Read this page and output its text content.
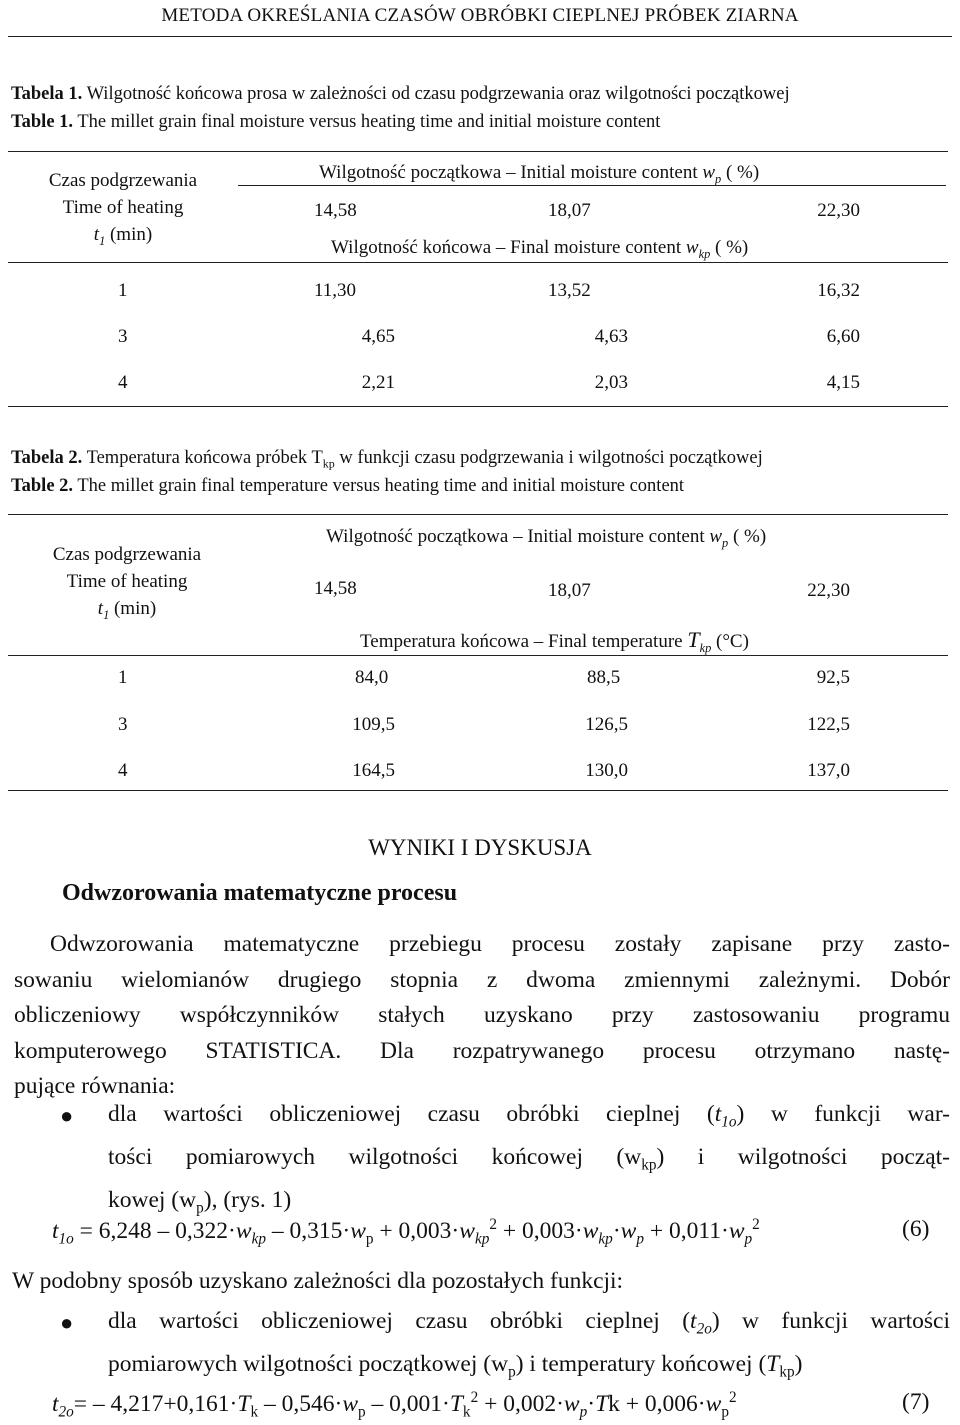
METODA OKREŚLANIA CZASÓW OBRÓBKI CIEPLNEJ PRÓBEK ZIARNA
Tabela 1. Wilgotność końcowa prosa w zależności od czasu podgrzewania oraz wilgotności początkowej
Table 1. The millet grain final moisture versus heating time and initial moisture content
Czas podgrzewania
Time of heating
$t_1$ (min)
Wilgotność początkowa – Initial moisture content $w_p$ ( %)
14,58	18,07	22,30
Wilgotność końcowa – Final moisture content $w_{kp}$ ( %)
1	11,30	13,52	16,32
3	4,65	4,63	6,60
4	2,21	2,03	4,15
Tabela 2. Temperatura końcowa próbek $T_{kp}$ w funkcji czasu podgrzewania i wilgotności początkowej
Table 2. The millet grain final temperature versus heating time and initial moisture content
Czas podgrzewania
Time of heating
$t_1$ (min)
Wilgotność początkowa – Initial moisture content $w_p$ ( %)
14,58	18,07	22,30
Temperatura końcowa – Final temperature $T_{kp}$ (°C)
1	84,0	88,5	92,5
3	109,5	126,5	122,5
4	164,5	130,0	137,0
WYNIKI I DYSKUSJA
Odwzorowania matematyczne procesu
Odwzorowania matematyczne przebiegu procesu zostały zapisane przy zasto-
sowaniu wielomianów drugiego stopnia z dwoma zmiennymi zależnymi. Dobór
obliczeniowy współczynników stałych uzyskano przy zastosowaniu programu
komputerowego STATISTICA. Dla rozpatrywanego procesu otrzymano nastę-
pujące równania:
● dla wartości obliczeniowej czasu obróbki cieplnej $(t_{1o})$ w funkcji war-
tości pomiarowych wilgotności końcowej $(w_{kp})$ i wilgotności począt-
kowej $(w_p)$, (rys. 1)
$t_{1o} = 6,248 - 0,322\cdot w_{kp} - 0,315\cdot w_p + 0,003\cdot w_{kp}^2 + 0,003\cdot w_{kp}\cdot w_p + 0,011\cdot w_p^2$	(6)
W podobny sposób uzyskano zależności dla pozostałych funkcji:
● dla wartości obliczeniowej czasu obróbki cieplnej $(t_{2o})$ w funkcji wartości
pomiarowych wilgotności początkowej $(w_p)$ i temperatury końcowej $(T_{kp})$
$t_{2o}= - 4,217+0,161\cdot T_k - 0,546\cdot w_p - 0,001\cdot T_k^2 + 0,002\cdot w_p\cdot Tk + 0,006\cdot w_p^2$	(7)
